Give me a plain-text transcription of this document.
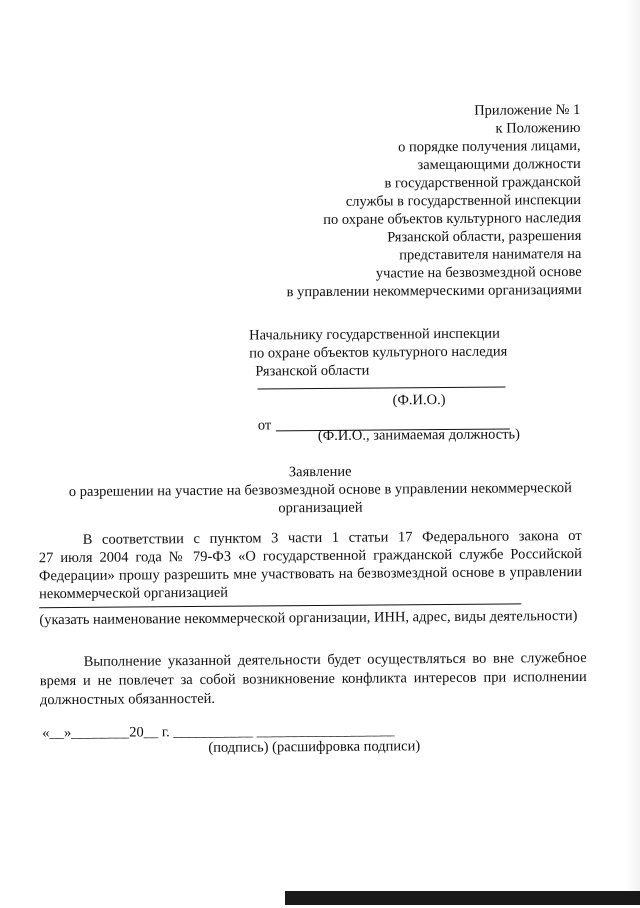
Приложение № 1
к Положению
о порядке получения лицами,
замещающими должности
в государственной гражданской
службы в государственной инспекции
по охране объектов культурного наследия
Рязанской области, разрешения
представителя нанимателя на
участие на безвозмездной основе
в управлении некоммерческими организациями
Начальнику государственной инспекции
по охране объектов культурного наследия
Рязанской области
(Ф.И.О.)
от
(Ф.И.О., занимаемая должность)
Заявление
о разрешении на участие на безвозмездной основе в управлении некоммерческой
организацией
В соответствии с пунктом 3 части 1 статьи 17 Федерального закона от
27 июля 2004 года № 79-ФЗ «О государственной гражданской службе Российской
Федерации» прошу разрешить мне участвовать на безвозмездной основе в управлении
некоммерческой организацией
(указать наименование некоммерческой организации, ИНН, адрес, виды деятельности)
Выполнение указанной деятельности будет осуществляться во вне служебное
время и не повлечет за собой возникновение конфликта интересов при исполнении
должностных обязанностей.
«__»________20__ г. ___________ ___________________
(подпись) (расшифровка подписи)
